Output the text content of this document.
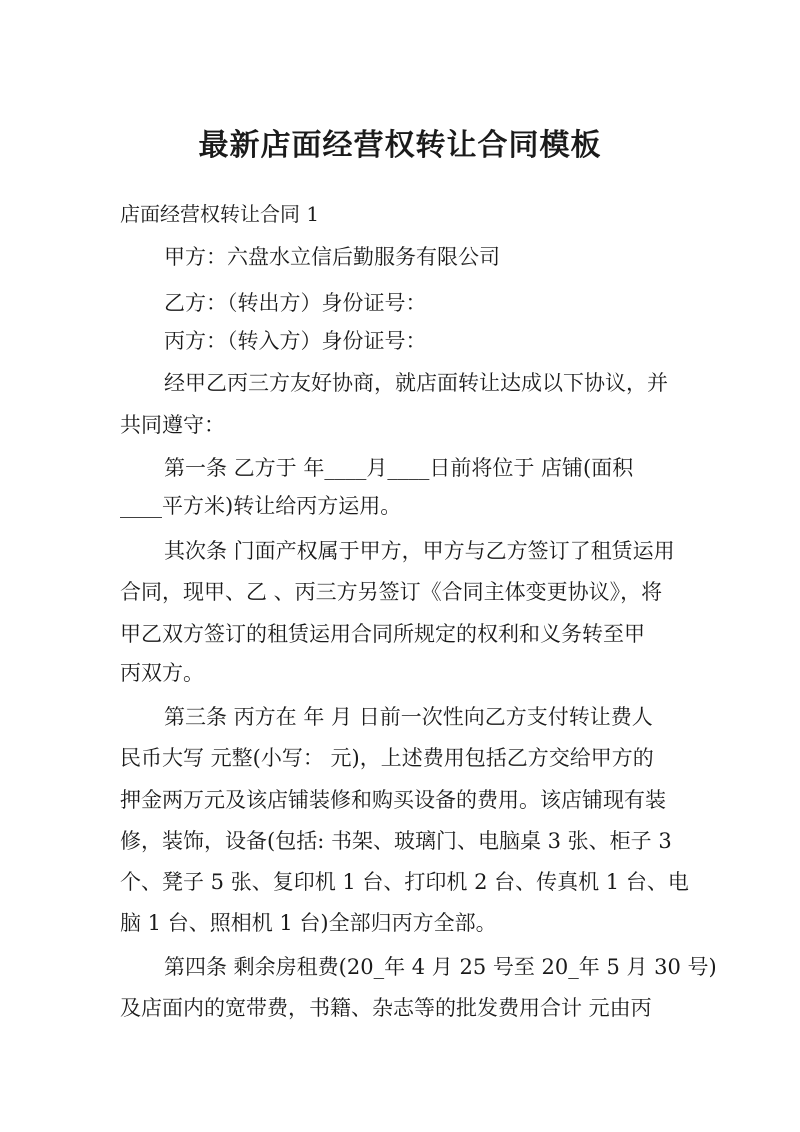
最新店面经营权转让合同模板
店面经营权转让合同 1
甲方：六盘水立信后勤服务有限公司
乙方：（转出方）身份证号：
丙方：（转入方）身份证号：
经甲乙丙三方友好协商，就店面转让达成以下协议，并
共同遵守：
第一条 乙方于 年____月____日前将位于 店铺(面积
____平方米)转让给丙方运用。
其次条 门面产权属于甲方，甲方与乙方签订了租赁运用
合同，现甲、乙 、丙三方另签订《合同主体变更协议》，将
甲乙双方签订的租赁运用合同所规定的权利和义务转至甲
丙双方。
第三条 丙方在 年 月 日前一次性向乙方支付转让费人
民币大写 元整(小写： 元)，上述费用包括乙方交给甲方的
押金两万元及该店铺装修和购买设备的费用。该店铺现有装
修，装饰，设备(包括: 书架、玻璃门、电脑桌 3 张、柜子 3
个、凳子 5 张、复印机 1 台、打印机 2 台、传真机 1 台、电
脑 1 台、照相机 1 台)全部归丙方全部。
第四条 剩余房租费(20_年 4 月 25 号至 20_年 5 月 30 号)
及店面内的宽带费，书籍、杂志等的批发费用合计 元由丙
